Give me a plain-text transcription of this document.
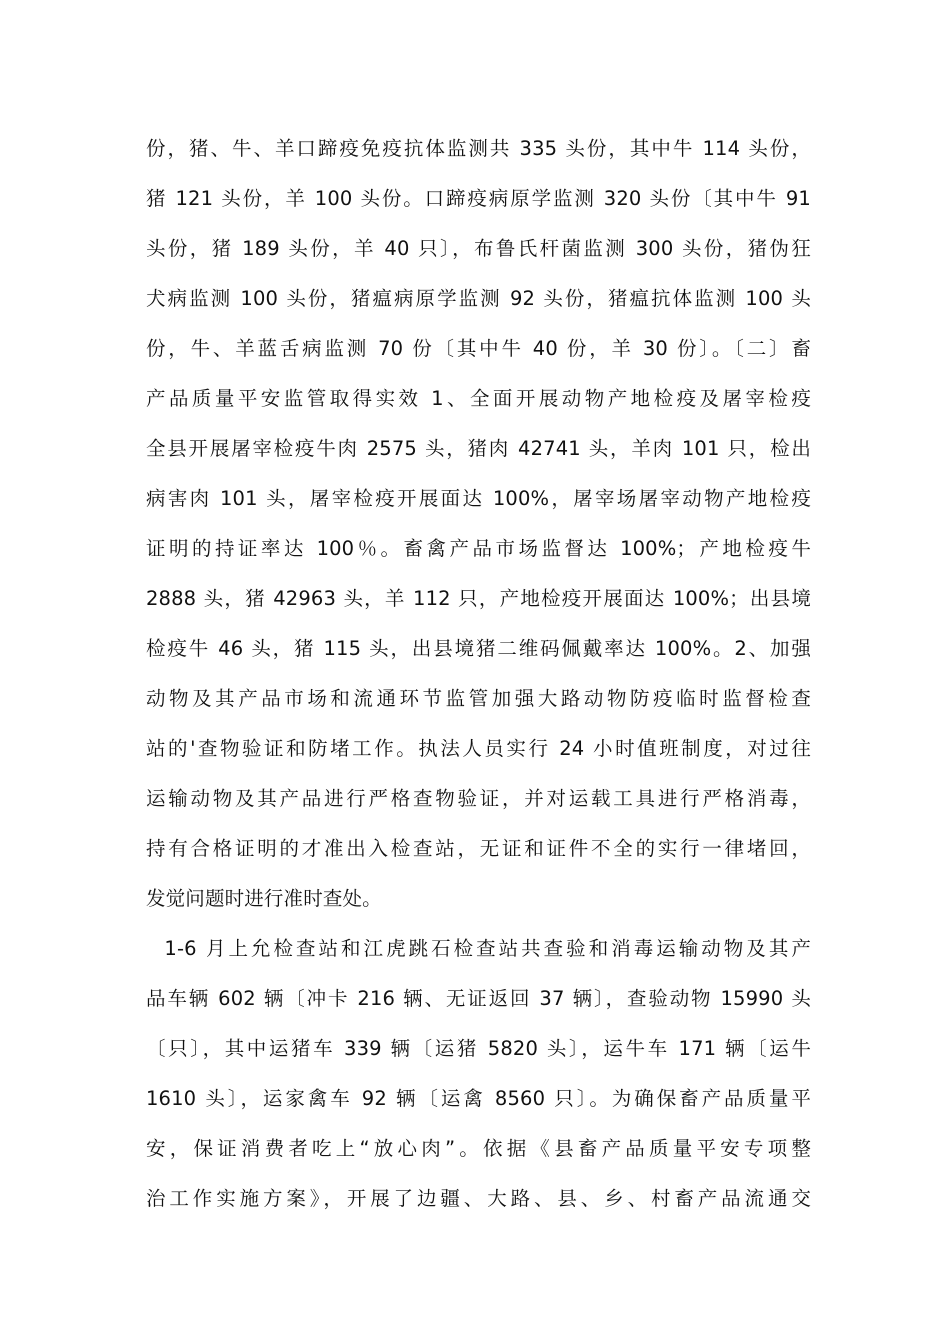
份，猪、牛、羊口蹄疫免疫抗体监测共 335 头份，其中牛 114 头份，
猪 121 头份，羊 100 头份。口蹄疫病原学监测 320 头份〔其中牛 91
头份，猪 189 头份，羊 40 只〕，布鲁氏杆菌监测 300 头份，猪伪狂
犬病监测 100 头份，猪瘟病原学监测 92 头份，猪瘟抗体监测 100 头
份，牛、羊蓝舌病监测 70 份〔其中牛 40 份，羊 30 份〕。〔二〕畜
产品质量平安监管取得实效 1、全面开展动物产地检疫及屠宰检疫
全县开展屠宰检疫牛肉 2575 头，猪肉 42741 头，羊肉 101 只，检出
病害肉 101 头，屠宰检疫开展面达 100%，屠宰场屠宰动物产地检疫
证明的持证率达 100％。畜禽产品市场监督达 100%；产地检疫牛
2888 头，猪 42963 头，羊 112 只，产地检疫开展面达 100%；出县境
检疫牛 46 头，猪 115 头，出县境猪二维码佩戴率达 100%。2、加强
动物及其产品市场和流通环节监管加强大路动物防疫临时监督检查
站的'查物验证和防堵工作。执法人员实行 24 小时值班制度，对过往
运输动物及其产品进行严格查物验证，并对运载工具进行严格消毒，
持有合格证明的才准出入检查站，无证和证件不全的实行一律堵回，
发觉问题时进行准时查处。
1-6 月上允检查站和江虎跳石检查站共查验和消毒运输动物及其产
品车辆 602 辆〔冲卡 216 辆、无证返回 37 辆〕，查验动物 15990 头
〔只〕，其中运猪车 339 辆〔运猪 5820 头〕，运牛车 171 辆〔运牛
1610 头〕，运家禽车 92 辆〔运禽 8560 只〕。为确保畜产品质量平
安，保证消费者吃上“放心肉”。依据《县畜产品质量平安专项整
治工作实施方案》，开展了边疆、大路、县、乡、村畜产品流通交
